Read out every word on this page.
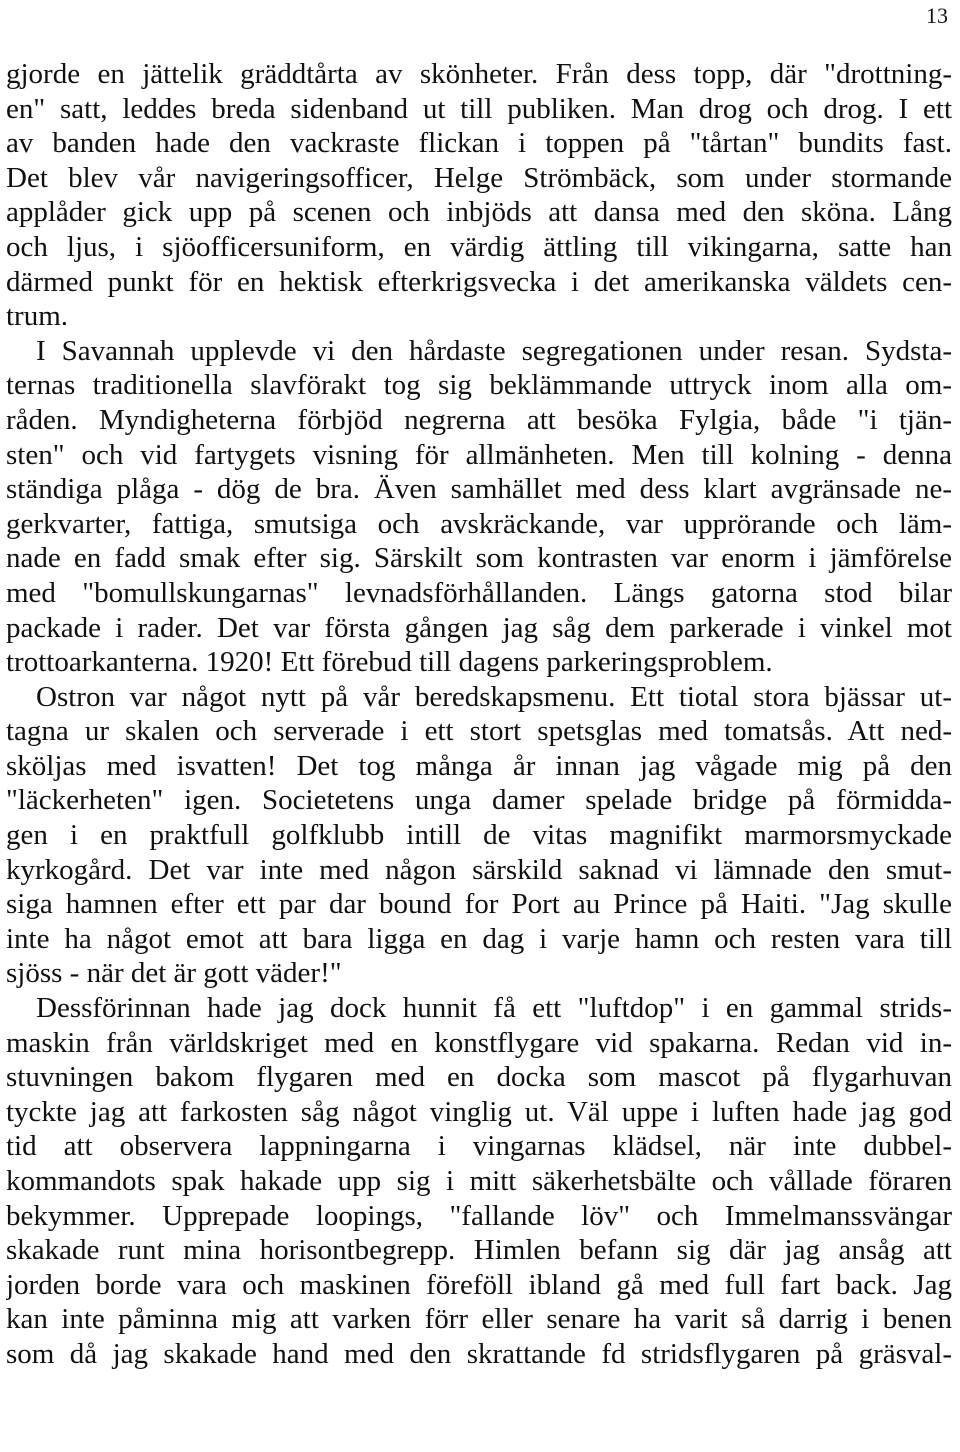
13
gjorde en jättelik gräddtårta av skönheter. Från dess topp, där "drottning-
en" satt, leddes breda sidenband ut till publiken. Man drog och drog. I ett
av banden hade den vackraste flickan i toppen på "tårtan" bundits fast.
Det blev vår navigeringsofficer, Helge Strömbäck, som under stormande
applåder gick upp på scenen och inbjöds att dansa med den sköna. Lång
och ljus, i sjöofficersuniform, en värdig ättling till vikingarna, satte han
därmed punkt för en hektisk efterkrigsvecka i det amerikanska väldets cen-
trum.
I Savannah upplevde vi den hårdaste segregationen under resan. Sydsta-
ternas traditionella slavförakt tog sig beklämmande uttryck inom alla om-
råden. Myndigheterna förbjöd negrerna att besöka Fylgia, både "i tjän-
sten" och vid fartygets visning för allmänheten. Men till kolning - denna
ständiga plåga - dög de bra. Även samhället med dess klart avgränsade ne-
gerkvarter, fattiga, smutsiga och avskräckande, var upprörande och läm-
nade en fadd smak efter sig. Särskilt som kontrasten var enorm i jämförelse
med "bomullskungarnas" levnadsförhållanden. Längs gatorna stod bilar
packade i rader. Det var första gången jag såg dem parkerade i vinkel mot
trottoarkanterna. 1920! Ett förebud till dagens parkeringsproblem.
Ostron var något nytt på vår beredskapsmenu. Ett tiotal stora bjässar ut-
tagna ur skalen och serverade i ett stort spetsglas med tomatsås. Att ned-
sköljas med isvatten! Det tog många år innan jag vågade mig på den
"läckerheten" igen. Societetens unga damer spelade bridge på förmidda-
gen i en praktfull golfklubb intill de vitas magnifikt marmorsmyckade
kyrkogård. Det var inte med någon särskild saknad vi lämnade den smut-
siga hamnen efter ett par dar bound for Port au Prince på Haiti. "Jag skulle
inte ha något emot att bara ligga en dag i varje hamn och resten vara till
sjöss - när det är gott väder!"
Dessförinnan hade jag dock hunnit få ett "luftdop" i en gammal strids-
maskin från världskriget med en konstflygare vid spakarna. Redan vid in-
stuvningen bakom flygaren med en docka som mascot på flygarhuvan
tyckte jag att farkosten såg något vinglig ut. Väl uppe i luften hade jag god
tid att observera lappningarna i vingarnas klädsel, när inte dubbel-
kommandots spak hakade upp sig i mitt säkerhetsbälte och vållade föraren
bekymmer. Upprepade loopings, "fallande löv" och Immelmanssvängar
skakade runt mina horisontbegrepp. Himlen befann sig där jag ansåg att
jorden borde vara och maskinen föreföll ibland gå med full fart back. Jag
kan inte påminna mig att varken förr eller senare ha varit så darrig i benen
som då jag skakade hand med den skrattande fd stridsflygaren på gräsval-
